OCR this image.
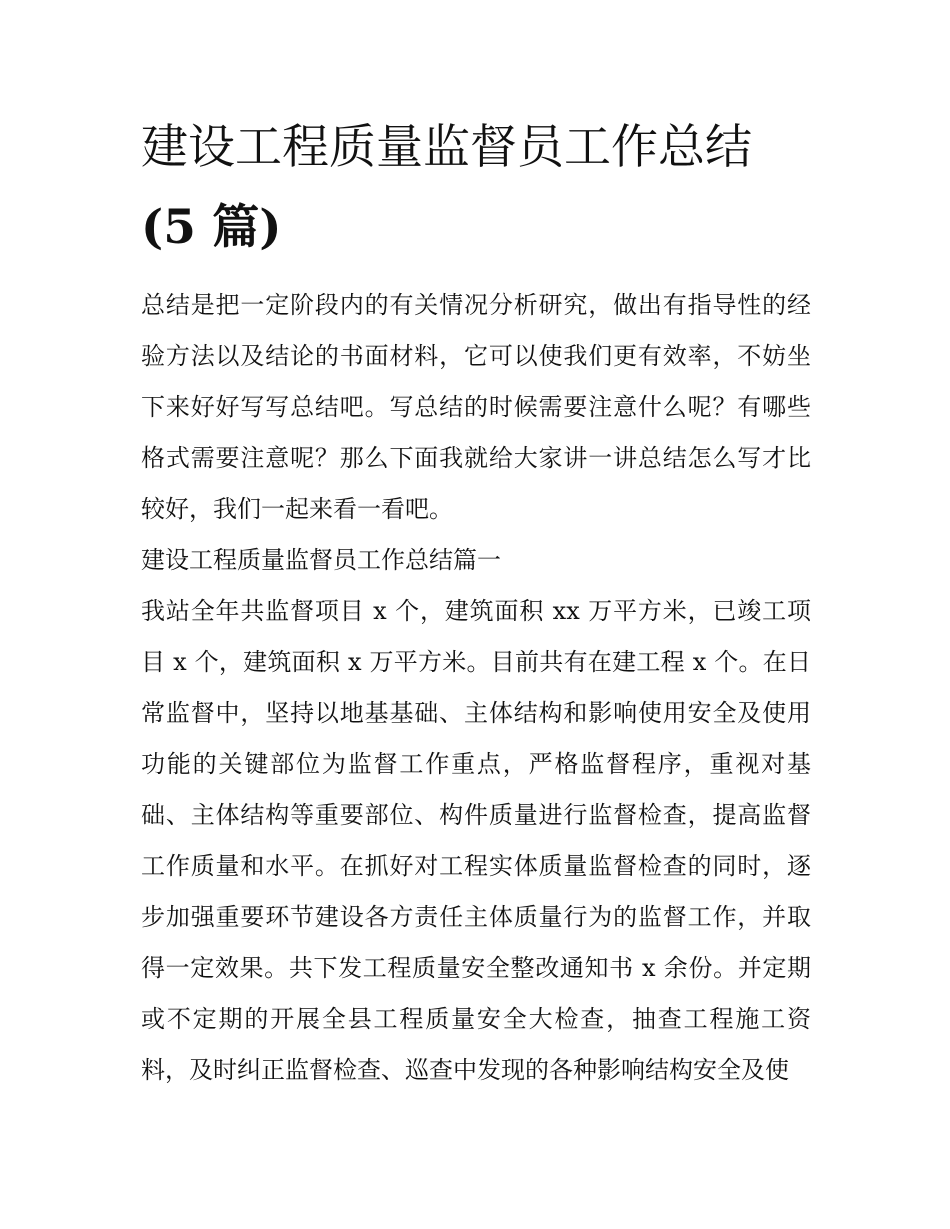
建设工程质量监督员工作总结
(5 篇)

总结是把一定阶段内的有关情况分析研究，做出有指导性的经验方法以及结论的书面材料，它可以使我们更有效率，不妨坐下来好好写写总结吧。写总结的时候需要注意什么呢？有哪些格式需要注意呢？那么下面我就给大家讲一讲总结怎么写才比较好，我们一起来看一看吧。

建设工程质量监督员工作总结篇一

我站全年共监督项目 x 个，建筑面积 xx 万平方米，已竣工项目 x 个，建筑面积 x 万平方米。目前共有在建工程 x 个。在日常监督中，坚持以地基基础、主体结构和影响使用安全及使用功能的关键部位为监督工作重点，严格监督程序，重视对基础、主体结构等重要部位、构件质量进行监督检查，提高监督工作质量和水平。在抓好对工程实体质量监督检查的同时，逐步加强重要环节建设各方责任主体质量行为的监督工作，并取得一定效果。共下发工程质量安全整改通知书 x 余份。并定期或不定期的开展全县工程质量安全大检查，抽查工程施工资料，及时纠正监督检查、巡查中发现的各种影响结构安全及使
